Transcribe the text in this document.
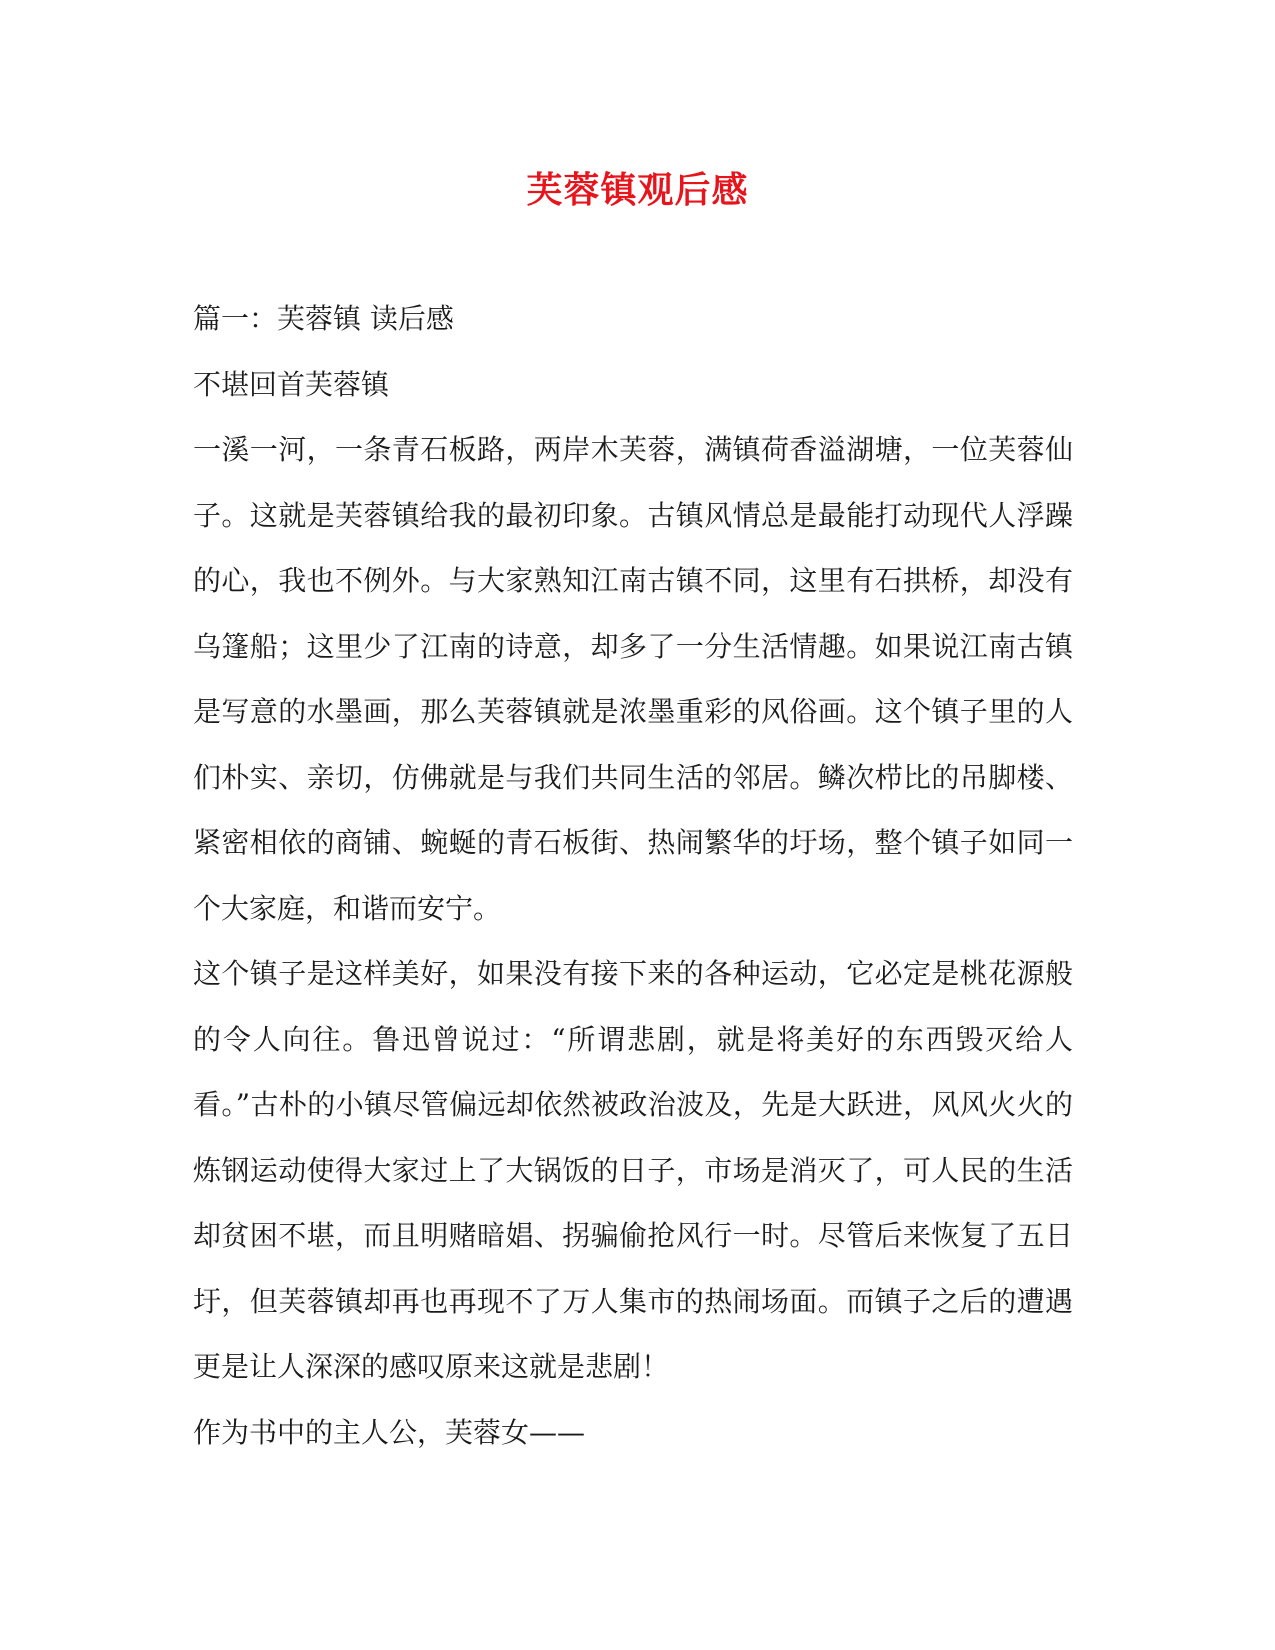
芙蓉镇观后感

篇一：芙蓉镇 读后感

不堪回首芙蓉镇

一溪一河，一条青石板路，两岸木芙蓉，满镇荷香溢湖塘，一位芙蓉仙子。这就是芙蓉镇给我的最初印象。古镇风情总是最能打动现代人浮躁的心，我也不例外。与大家熟知江南古镇不同，这里有石拱桥，却没有乌篷船；这里少了江南的诗意，却多了一分生活情趣。如果说江南古镇是写意的水墨画，那么芙蓉镇就是浓墨重彩的风俗画。这个镇子里的人们朴实、亲切，仿佛就是与我们共同生活的邻居。鳞次栉比的吊脚楼、紧密相依的商铺、蜿蜒的青石板街、热闹繁华的圩场，整个镇子如同一个大家庭，和谐而安宁。

这个镇子是这样美好，如果没有接下来的各种运动，它必定是桃花源般的令人向往。鲁迅曾说过：“所谓悲剧，就是将美好的东西毁灭给人看。”古朴的小镇尽管偏远却依然被政治波及，先是大跃进，风风火火的炼钢运动使得大家过上了大锅饭的日子，市场是消灭了，可人民的生活却贫困不堪，而且明赌暗娼、拐骗偷抢风行一时。尽管后来恢复了五日圩，但芙蓉镇却再也再现不了万人集市的热闹场面。而镇子之后的遭遇更是让人深深的感叹原来这就是悲剧！

作为书中的主人公，芙蓉女——
